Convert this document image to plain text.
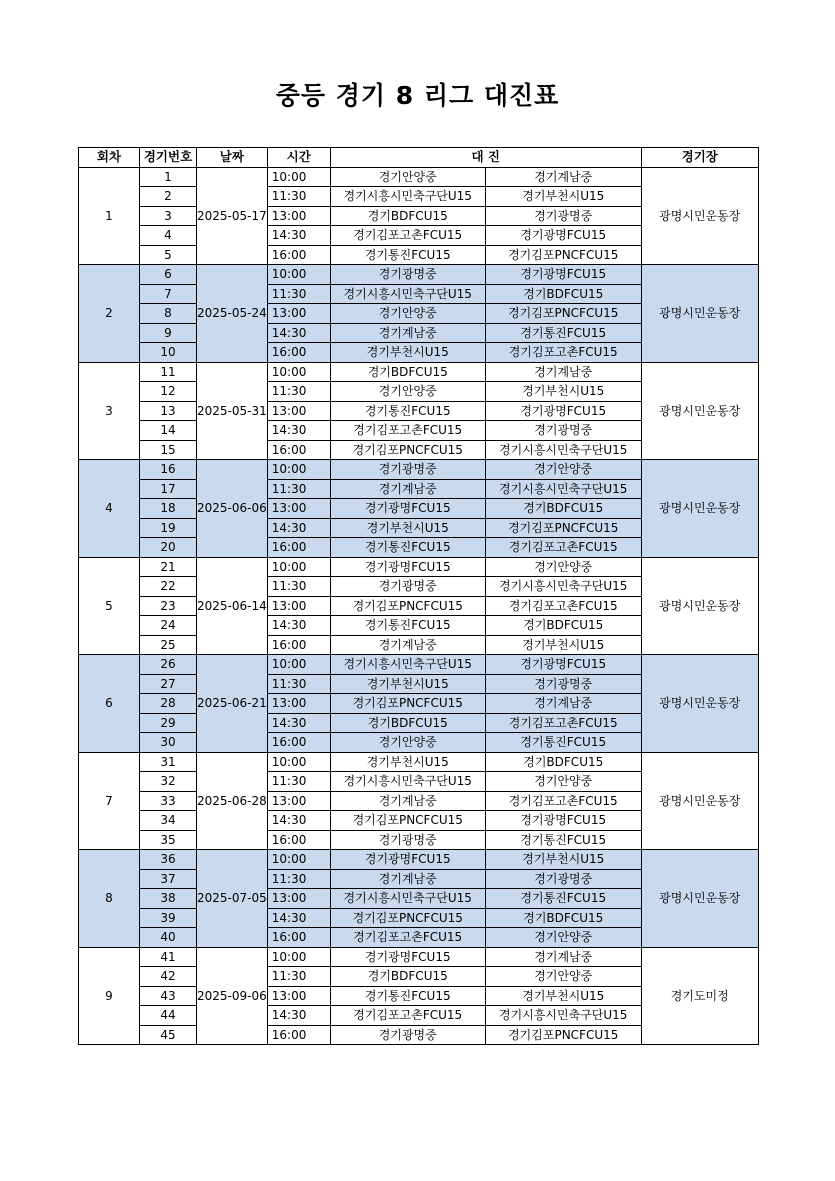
중등 경기 8 리그 대진표
회차	경기번호	날짜	시간	대 진		경기장
1	1	2025-05-17	10:00	경기안양중	경기계남중	광명시민운동장
	2		11:30	경기시흥시민축구단U15	경기부천시U15	
	3		13:00	경기BDFCU15	경기광명중	
	4		14:30	경기김포고촌FCU15	경기광명FCU15	
	5		16:00	경기통진FCU15	경기김포PNCFCU15	
2	6	2025-05-24	10:00	경기광명중	경기광명FCU15	광명시민운동장
	7		11:30	경기시흥시민축구단U15	경기BDFCU15	
	8		13:00	경기안양중	경기김포PNCFCU15	
	9		14:30	경기계남중	경기통진FCU15	
	10		16:00	경기부천시U15	경기김포고촌FCU15	
3	11	2025-05-31	10:00	경기BDFCU15	경기계남중	광명시민운동장
	12		11:30	경기안양중	경기부천시U15	
	13		13:00	경기통진FCU15	경기광명FCU15	
	14		14:30	경기김포고촌FCU15	경기광명중	
	15		16:00	경기김포PNCFCU15	경기시흥시민축구단U15	
4	16	2025-06-06	10:00	경기광명중	경기안양중	광명시민운동장
	17		11:30	경기계남중	경기시흥시민축구단U15	
	18		13:00	경기광명FCU15	경기BDFCU15	
	19		14:30	경기부천시U15	경기김포PNCFCU15	
	20		16:00	경기통진FCU15	경기김포고촌FCU15	
5	21	2025-06-14	10:00	경기광명FCU15	경기안양중	광명시민운동장
	22		11:30	경기광명중	경기시흥시민축구단U15	
	23		13:00	경기김포PNCFCU15	경기김포고촌FCU15	
	24		14:30	경기통진FCU15	경기BDFCU15	
	25		16:00	경기계남중	경기부천시U15	
6	26	2025-06-21	10:00	경기시흥시민축구단U15	경기광명FCU15	광명시민운동장
	27		11:30	경기부천시U15	경기광명중	
	28		13:00	경기김포PNCFCU15	경기계남중	
	29		14:30	경기BDFCU15	경기김포고촌FCU15	
	30		16:00	경기안양중	경기통진FCU15	
7	31	2025-06-28	10:00	경기부천시U15	경기BDFCU15	광명시민운동장
	32		11:30	경기시흥시민축구단U15	경기안양중	
	33		13:00	경기계남중	경기김포고촌FCU15	
	34		14:30	경기김포PNCFCU15	경기광명FCU15	
	35		16:00	경기광명중	경기통진FCU15	
8	36	2025-07-05	10:00	경기광명FCU15	경기부천시U15	광명시민운동장
	37		11:30	경기계남중	경기광명중	
	38		13:00	경기시흥시민축구단U15	경기통진FCU15	
	39		14:30	경기김포PNCFCU15	경기BDFCU15	
	40		16:00	경기김포고촌FCU15	경기안양중	
9	41	2025-09-06	10:00	경기광명FCU15	경기계남중	경기도미정
	42		11:30	경기BDFCU15	경기안양중	
	43		13:00	경기통진FCU15	경기부천시U15	
	44		14:30	경기김포고촌FCU15	경기시흥시민축구단U15	
	45		16:00	경기광명중	경기김포PNCFCU15	
